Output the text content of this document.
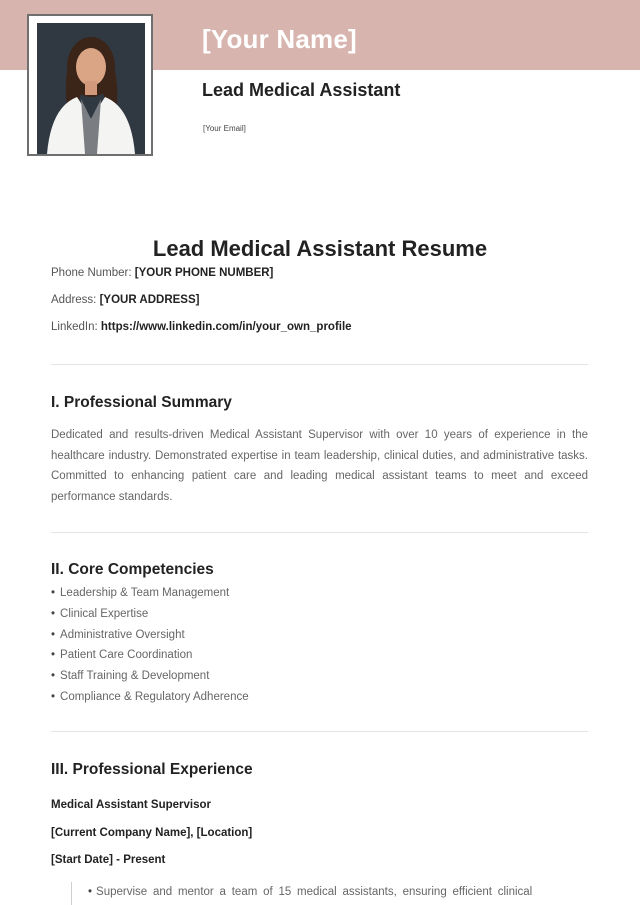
[Your Name]
Lead Medical Assistant
[Your Email]
Lead Medical Assistant Resume
Phone Number: [YOUR PHONE NUMBER]
Address: [YOUR ADDRESS]
LinkedIn: https://www.linkedin.com/in/your_own_profile
I. Professional Summary
Dedicated and results-driven Medical Assistant Supervisor with over 10 years of experience in the healthcare industry. Demonstrated expertise in team leadership, clinical duties, and administrative tasks. Committed to enhancing patient care and leading medical assistant teams to meet and exceed performance standards.
II. Core Competencies
• Leadership & Team Management
• Clinical Expertise
• Administrative Oversight
• Patient Care Coordination
• Staff Training & Development
• Compliance & Regulatory Adherence
III. Professional Experience
Medical Assistant Supervisor
[Current Company Name], [Location]
[Start Date] - Present
• Supervise and mentor a team of 15 medical assistants, ensuring efficient clinical
